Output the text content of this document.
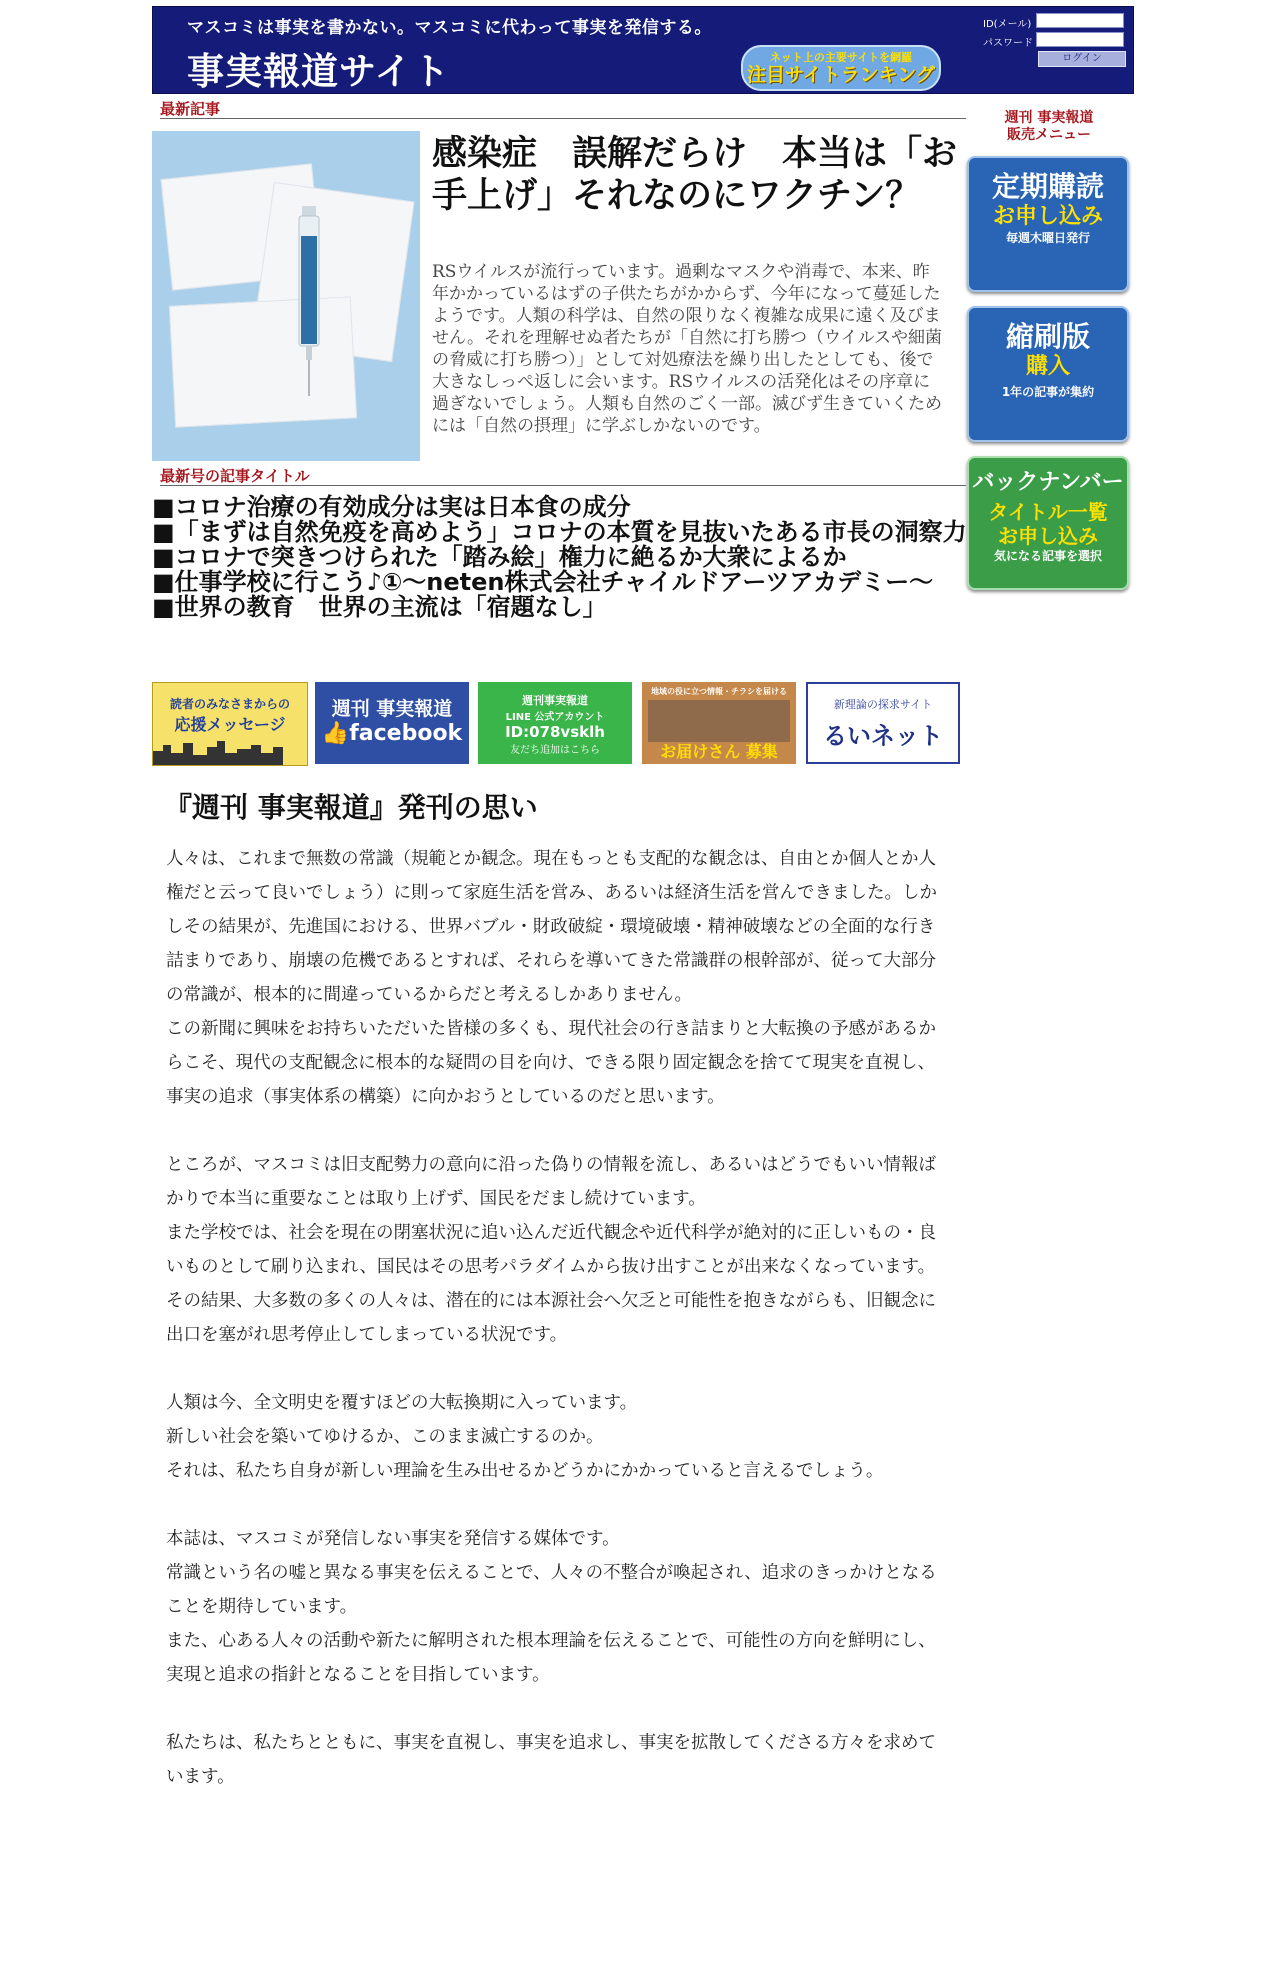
マスコミは事実を書かない。マスコミに代わって事実を発信する。
事実報道サイト	ネット上の主要サイトを網羅
注目サイトランキング
ID(メール)
パスワード
ログイン
最新記事
感染症　誤解だらけ　本当は「お手上げ」それなのにワクチン？
RSウイルスが流行っています。過剰なマスクや消毒で、本来、昨年かかっているはずの子供たちがかからず、今年になって蔓延したようです。人類の科学は、自然の限りなく複雑な成果に遠く及びません。それを理解せぬ者たちが「自然に打ち勝つ（ウイルスや細菌の脅威に打ち勝つ）」として対処療法を繰り出したとしても、後で大きなしっぺ返しに会います。RSウイルスの活発化はその序章に過ぎないでしょう。人類も自然のごく一部。滅びず生きていくためには「自然の摂理」に学ぶしかないのです。
最新号の記事タイトル
■コロナ治療の有効成分は実は日本食の成分
■「まずは自然免疫を高めよう」コロナの本質を見抜いたある市長の洞察力
■コロナで突きつけられた「踏み絵」権力に絶るか大衆によるか
■仕事学校に行こう♪①～neten株式会社チャイルドアーツアカデミー～
■世界の教育　世界の主流は「宿題なし」
読者のみなさまからの
応援メッセージ
週刊 事実報道
👍facebook
週刊事実報道
LINE 公式アカウント
ID:078vsklh
友だち追加はこちら
地域の役に立つ情報・チラシを届ける
お届けさん 募集
新理論の探求サイト
るいネット
週刊 事実報道
販売メニュー
定期購読
お申し込み
毎週木曜日発行
縮刷版
購入
1年の記事が集約
バックナンバー
タイトル一覧
お申し込み
気になる記事を選択
『週刊 事実報道』発刊の思い

人々は、これまで無数の常識（規範とか観念。現在もっとも支配的な観念は、自由とか個人とか人権だと云って良いでしょう）に則って家庭生活を営み、あるいは経済生活を営んできました。しかしその結果が、先進国における、世界バブル・財政破綻・環境破壊・精神破壊などの全面的な行き詰まりであり、崩壊の危機であるとすれば、それらを導いてきた常識群の根幹部が、従って大部分の常識が、根本的に間違っているからだと考えるしかありません。

この新聞に興味をお持ちいただいた皆様の多くも、現代社会の行き詰まりと大転換の予感があるからこそ、現代の支配観念に根本的な疑問の目を向け、できる限り固定観念を捨てて現実を直視し、事実の追求（事実体系の構築）に向かおうとしているのだと思います。

ところが、マスコミは旧支配勢力の意向に沿った偽りの情報を流し、あるいはどうでもいい情報ばかりで本当に重要なことは取り上げず、国民をだまし続けています。

また学校では、社会を現在の閉塞状況に追い込んだ近代観念や近代科学が絶対的に正しいもの・良いものとして刷り込まれ、国民はその思考パラダイムから抜け出すことが出来なくなっています。

その結果、大多数の多くの人々は、潜在的には本源社会へ欠乏と可能性を抱きながらも、旧観念に出口を塞がれ思考停止してしまっている状況です。

人類は今、全文明史を覆すほどの大転換期に入っています。

新しい社会を築いてゆけるか、このまま滅亡するのか。

それは、私たち自身が新しい理論を生み出せるかどうかにかかっていると言えるでしょう。

本誌は、マスコミが発信しない事実を発信する媒体です。

常識という名の嘘と異なる事実を伝えることで、人々の不整合が喚起され、追求のきっかけとなることを期待しています。

また、心ある人々の活動や新たに解明された根本理論を伝えることで、可能性の方向を鮮明にし、実現と追求の指針となることを目指しています。

私たちは、私たちとともに、事実を直視し、事実を追求し、事実を拡散してくださる方々を求めています。
